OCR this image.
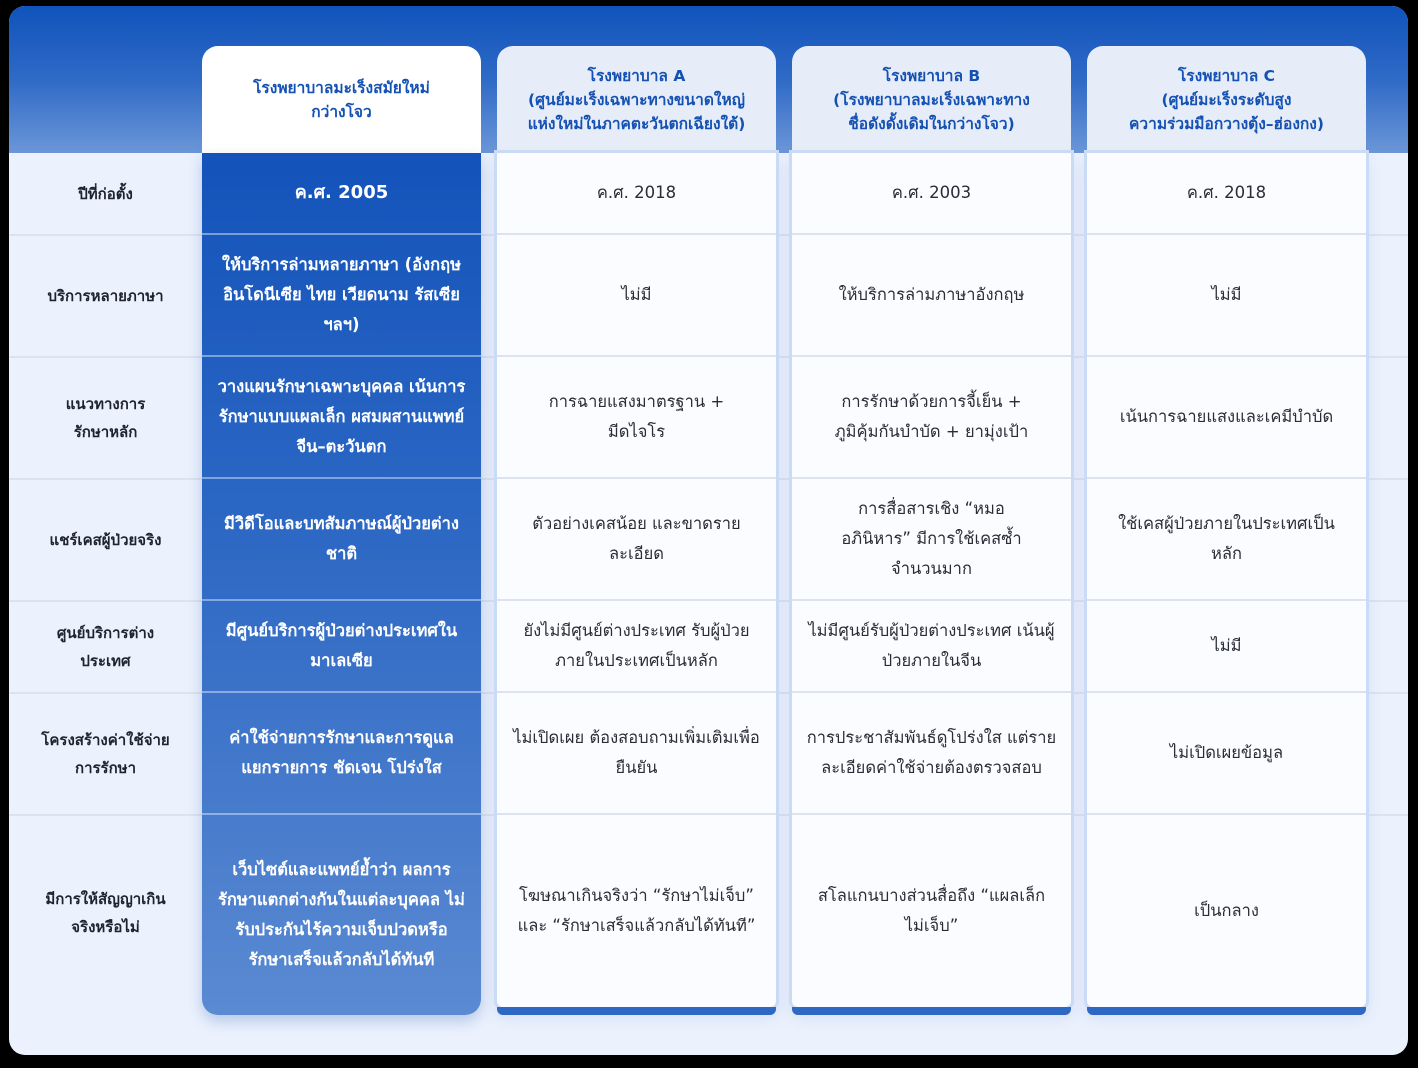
ปีที่ก่อตั้ง
บริการหลายภาษา
แนวทางการรักษาหลัก
แชร์เคสผู้ป่วยจริง
ศูนย์บริการต่างประเทศ
โครงสร้างค่าใช้จ่ายการรักษา
มีการให้สัญญาเกินจริงหรือไม่
โรงพยาบาลมะเร็งสมัยใหม่
กว่างโจว
ค.ศ. 2005
ให้บริการล่ามหลายภาษา (อังกฤษ อินโดนีเซีย ไทย เวียดนาม รัสเซีย ฯลฯ)
วางแผนรักษาเฉพาะบุคคล เน้นการรักษาแบบแผลเล็ก ผสมผสานแพทย์จีน–ตะวันตก
มีวิดีโอและบทสัมภาษณ์ผู้ป่วยต่างชาติ
มีศูนย์บริการผู้ป่วยต่างประเทศในมาเลเซีย
ค่าใช้จ่ายการรักษาและการดูแลแยกรายการ ชัดเจน โปร่งใส
เว็บไซต์และแพทย์ย้ำว่า ผลการรักษาแตกต่างกันในแต่ละบุคคล ไม่รับประกันไร้ความเจ็บปวดหรือรักษาเสร็จแล้วกลับได้ทันที
โรงพยาบาล A
(ศูนย์มะเร็งเฉพาะทางขนาดใหญ่
แห่งใหม่ในภาคตะวันตกเฉียงใต้)
ค.ศ. 2018
ไม่มี
การฉายแสงมาตรฐาน + มีดไจโร
ตัวอย่างเคสน้อย และขาดรายละเอียด
ยังไม่มีศูนย์ต่างประเทศ รับผู้ป่วยภายในประเทศเป็นหลัก
ไม่เปิดเผย ต้องสอบถามเพิ่มเติมเพื่อยืนยัน
โฆษณาเกินจริงว่า “รักษาไม่เจ็บ” และ “รักษาเสร็จแล้วกลับได้ทันที”
โรงพยาบาล B
(โรงพยาบาลมะเร็งเฉพาะทาง
ชื่อดังดั้งเดิมในกว่างโจว)
ค.ศ. 2003
ให้บริการล่ามภาษาอังกฤษ
การรักษาด้วยการจี้เย็น + ภูมิคุ้มกันบำบัด + ยามุ่งเป้า
การสื่อสารเชิง “หมออภินิหาร” มีการใช้เคสซ้ำจำนวนมาก
ไม่มีศูนย์รับผู้ป่วยต่างประเทศ เน้นผู้ป่วยภายในจีน
การประชาสัมพันธ์ดูโปร่งใส แต่รายละเอียดค่าใช้จ่ายต้องตรวจสอบ
สโลแกนบางส่วนสื่อถึง “แผลเล็ก ไม่เจ็บ”
โรงพยาบาล C
(ศูนย์มะเร็งระดับสูง
ความร่วมมือกวางตุ้ง–ฮ่องกง)
ค.ศ. 2018
ไม่มี
เน้นการฉายแสงและเคมีบำบัด
ใช้เคสผู้ป่วยภายในประเทศเป็นหลัก
ไม่มี
ไม่เปิดเผยข้อมูล
เป็นกลาง
